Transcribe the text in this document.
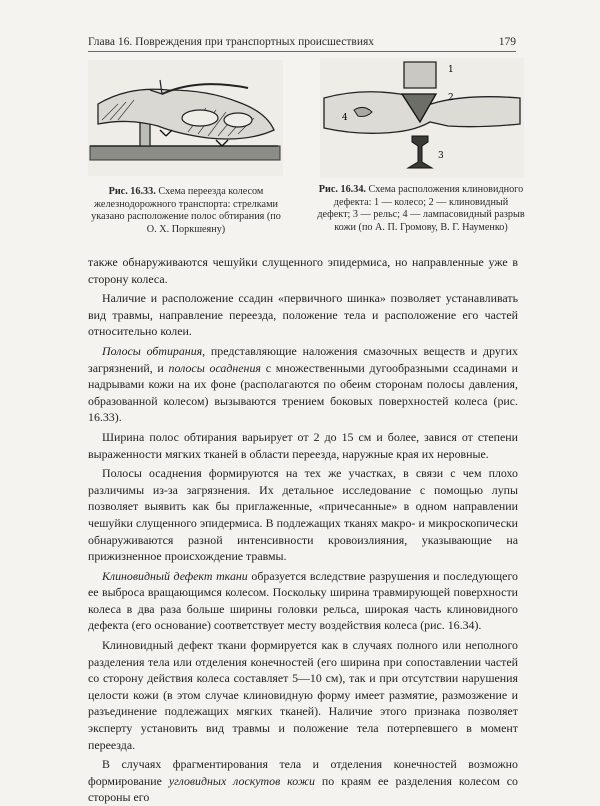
Глава 16. Повреждения при транспортных происшествиях	179
1
2
3
4
Рис. 16.33. Схема переезда колесом железнодорожного транспорта: стрелками указано расположение полос обтирания (по О. Х. Поркшеяну)
Рис. 16.34. Схема расположения клиновидного дефекта: 1 — колесо; 2 — клиновидный дефект; 3 — рельс; 4 — лампасовидный разрыв кожи (по А. П. Громову, В. Г. Науменко)

также обнаруживаются чешуйки слущенного эпидермиса, но направленные уже в сторону колеса.

Наличие и расположение ссадин «первичного шинка» позволяет устанавливать вид травмы, направление переезда, положение тела и расположение его частей относительно колеи.

Полосы обтирания, представляющие наложения смазочных веществ и других загрязнений, и полосы осаднения с множественными дугообразными ссадинами и надрывами кожи на их фоне (располагаются по обеим сторонам полосы давления, образованной колесом) вызываются трением боковых поверхностей колеса (рис. 16.33).

Ширина полос обтирания варьирует от 2 до 15 см и более, завися от степени выраженности мягких тканей в области переезда, наружные края их неровные.

Полосы осаднения формируются на тех же участках, в связи с чем плохо различимы из-за загрязнения. Их детальное исследование с помощью лупы позволяет выявить как бы приглаженные, «причесанные» в одном направлении чешуйки слущенного эпидермиса. В подлежащих тканях макро- и микроскопически обнаруживаются разной интенсивности кровоизлияния, указывающие на прижизненное происхождение травмы.

Клиновидный дефект ткани образуется вследствие разрушения и последующего ее выброса вращающимся колесом. Поскольку ширина травмирующей поверхности колеса в два раза больше ширины головки рельса, широкая часть клиновидного дефекта (его основание) соответствует месту воздействия колеса (рис. 16.34).

Клиновидный дефект ткани формируется как в случаях полного или неполного разделения тела или отделения конечностей (его ширина при сопоставлении частей со сторону действия колеса составляет 5—10 см), так и при отсутствии нарушения целости кожи (в этом случае клиновидную форму имеет размятие, размозжение и разъединение подлежащих мягких тканей). Наличие этого признака позволяет эксперту установить вид травмы и положение тела потерпевшего в момент переезда.

В случаях фрагментирования тела и отделения конечностей возможно формирование угловидных лоскутов кожи по краям ее разделения колесом со стороны его
